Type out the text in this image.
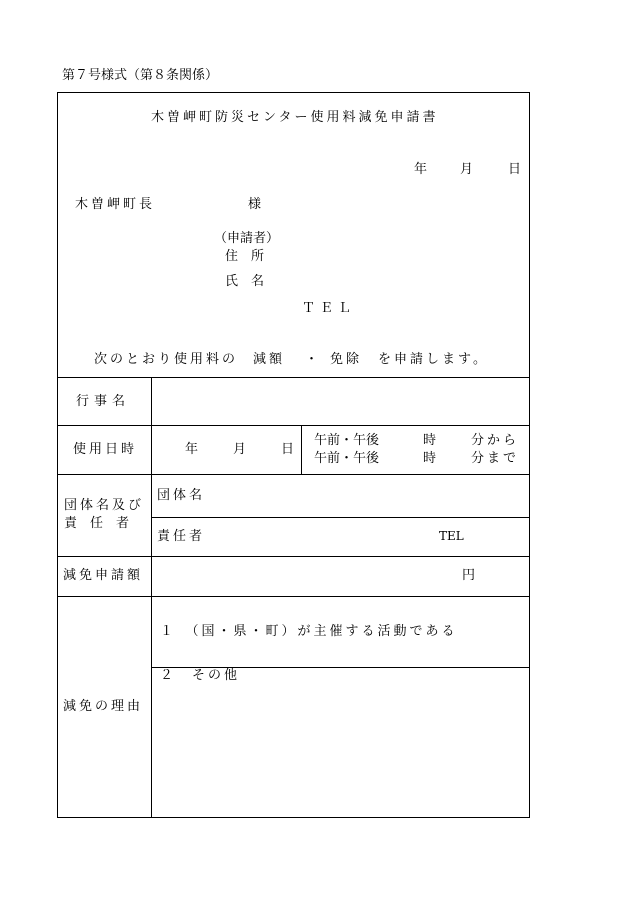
第７号様式（第８条関係）
木曽岬町防災センター使用料減免申請書
年	月	日
木曽岬町長	様
（申請者）
住　所
氏　名
ＴＥＬ
次のとおり使用料の 減額 ・ 免除 を申請します。
行事名
使用日時	年	月	日
午前・午後	時	分から
午前・午後	時	分まで
団体名及び
責　任　者
団体名
責任者	TEL
減免申請額	円
減免の理由
１　（国・県・町）が主催する活動である
２　その他
